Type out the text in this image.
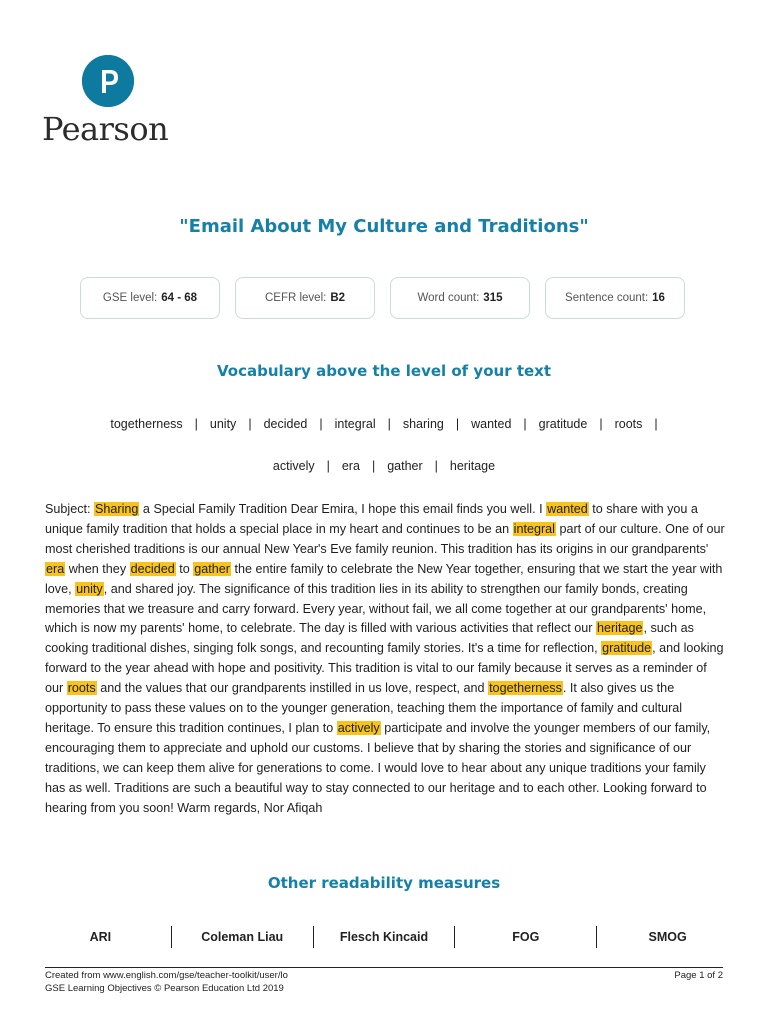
Pearson
"Email About My Culture and Traditions"
GSE level: 64 - 68	CEFR level: B2	Word count: 315	Sentence count: 16
Vocabulary above the level of your text
togetherness | unity | decided | integral | sharing | wanted | gratitude | roots |
actively | era | gather | heritage
Subject: Sharing a Special Family Tradition Dear Emira, I hope this email finds you well. I wanted to share with you a unique family tradition that holds a special place in my heart and continues to be an integral part of our culture. One of our most cherished traditions is our annual New Year's Eve family reunion. This tradition has its origins in our grandparents' era when they decided to gather the entire family to celebrate the New Year together, ensuring that we start the year with love, unity, and shared joy. The significance of this tradition lies in its ability to strengthen our family bonds, creating memories that we treasure and carry forward. Every year, without fail, we all come together at our grandparents' home, which is now my parents' home, to celebrate. The day is filled with various activities that reflect our heritage, such as cooking traditional dishes, singing folk songs, and recounting family stories. It's a time for reflection, gratitude, and looking forward to the year ahead with hope and positivity. This tradition is vital to our family because it serves as a reminder of our roots and the values that our grandparents instilled in us love, respect, and togetherness. It also gives us the opportunity to pass these values on to the younger generation, teaching them the importance of family and cultural heritage. To ensure this tradition continues, I plan to actively participate and involve the younger members of our family, encouraging them to appreciate and uphold our customs. I believe that by sharing the stories and significance of our traditions, we can keep them alive for generations to come. I would love to hear about any unique traditions your family has as well. Traditions are such a beautiful way to stay connected to our heritage and to each other. Looking forward to hearing from you soon! Warm regards, Nor Afiqah
Other readability measures
ARI	Coleman Liau	Flesch Kincaid	FOG	SMOG
Created from www.english.com/gse/teacher-toolkit/user/lo
GSE Learning Objectives © Pearson Education Ltd 2019
Page 1 of 2
